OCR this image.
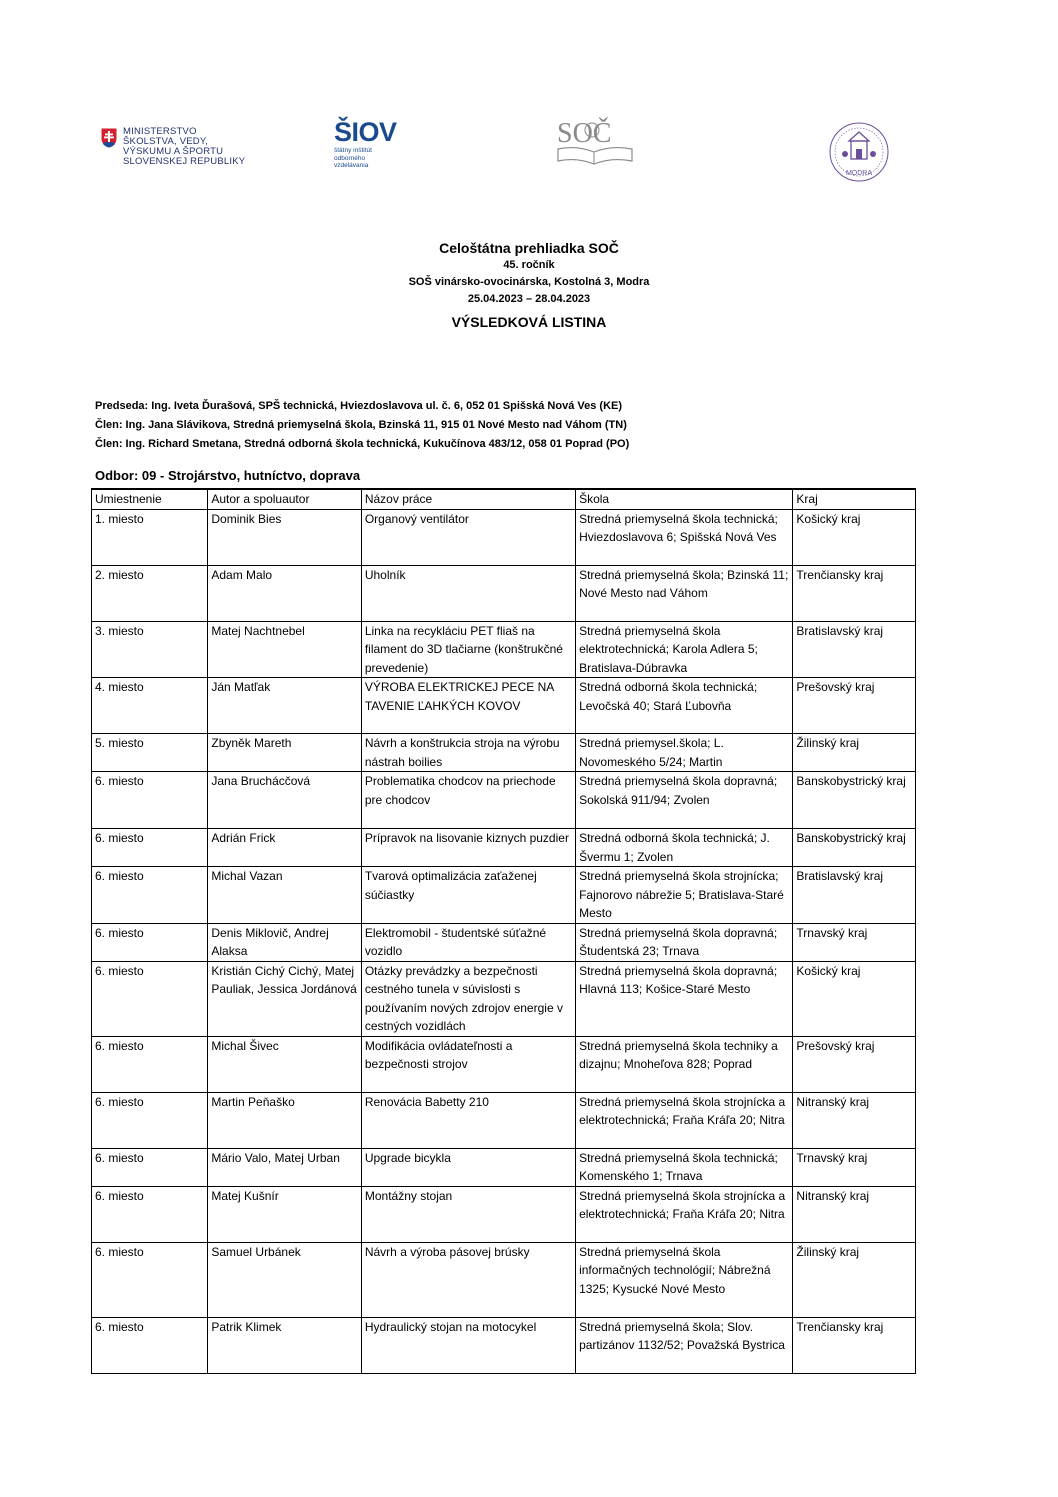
MINISTERSTVO
ŠKOLSTVA, VEDY,
VÝSKUMU A ŠPORTU
SLOVENSKEJ REPUBLIKY
ŠIOV
štátny inštitút
odborného
vzdelávania
SOČ
MODRA
Celoštátna prehliadka SOČ
45. ročník
SOŠ vinársko-ovocinárska, Kostolná 3, Modra
25.04.2023 – 28.04.2023
VÝSLEDKOVÁ LISTINA
Predseda: Ing. Iveta Ďurašová, SPŠ technická, Hviezdoslavova ul. č. 6, 052 01 Spišská Nová Ves (KE)
Člen: Ing. Jana Slávikova, Stredná priemyselná škola, Bzinská 11, 915 01 Nové Mesto nad Váhom (TN)
Člen: Ing. Richard Smetana, Stredná odborná škola technická, Kukučínova 483/12, 058 01 Poprad (PO)
Odbor: 09 - Strojárstvo, hutníctvo, doprava
Umiestnenie	Autor a spoluautor	Názov práce	Škola	Kraj
1. miesto	Dominik Bies	Organový ventilátor	Stredná priemyselná škola technická; Hviezdoslavova 6; Spišská Nová Ves	Košický kraj
2. miesto	Adam Malo	Uholník	Stredná priemyselná škola; Bzinská 11; Nové Mesto nad Váhom	Trenčiansky kraj
3. miesto	Matej Nachtnebel	Linka na recykláciu PET fliaš na filament do 3D tlačiarne (konštrukčné prevedenie)	Stredná priemyselná škola elektrotechnická; Karola Adlera 5; Bratislava-Dúbravka	Bratislavský kraj
4. miesto	Ján Matľak	VÝROBA ELEKTRICKEJ PECE NA TAVENIE ĽAHKÝCH KOVOV	Stredná odborná škola technická; Levočská 40; Stará Ľubovňa	Prešovský kraj
5. miesto	Zbyněk Mareth	Návrh a konštrukcia stroja na výrobu nástrah boilies	Stredná priemysel.škola; L. Novomeského 5/24; Martin	Žilinský kraj
6. miesto	Jana Bruchácčová	Problematika chodcov na priechode pre chodcov	Stredná priemyselná škola dopravná; Sokolská 911/94; Zvolen	Banskobystrický kraj
6. miesto	Adrián Frick	Prípravok na lisovanie kiznych puzdier	Stredná odborná škola technická; J. Švermu 1; Zvolen	Banskobystrický kraj
6. miesto	Michal Vazan	Tvarová optimalizácia zaťaženej súčiastky	Stredná priemyselná škola strojnícka; Fajnorovo nábrežie 5; Bratislava-Staré Mesto	Bratislavský kraj
6. miesto	Denis Miklovič, Andrej Alaksa	Elektromobil - študentské súťažné vozidlo	Stredná priemyselná škola dopravná; Študentská 23; Trnava	Trnavský kraj
6. miesto	Kristián Cichý Cichý, Matej Pauliak, Jessica Jordánová	Otázky prevádzky a bezpečnosti cestného tunela v súvislosti s používaním nových zdrojov energie v cestných vozidlách	Stredná priemyselná škola dopravná; Hlavná 113; Košice-Staré Mesto	Košický kraj
6. miesto	Michal Šivec	Modifikácia ovládateľnosti a bezpečnosti strojov	Stredná priemyselná škola techniky a dizajnu; Mnoheľova 828; Poprad	Prešovský kraj
6. miesto	Martin Peňaško	Renovácia Babetty 210	Stredná priemyselná škola strojnícka a elektrotechnická; Fraňa Kráľa 20; Nitra	Nitranský kraj
6. miesto	Mário Valo, Matej Urban	Upgrade bicykla	Stredná priemyselná škola technická; Komenského 1; Trnava	Trnavský kraj
6. miesto	Matej Kušnír	Montážny stojan	Stredná priemyselná škola strojnícka a elektrotechnická; Fraňa Kráľa 20; Nitra	Nitranský kraj
6. miesto	Samuel Urbánek	Návrh a výroba pásovej brúsky	Stredná priemyselná škola informačných technológií; Nábrežná 1325; Kysucké Nové Mesto	Žilinský kraj
6. miesto	Patrik Klimek	Hydraulický stojan na motocykel	Stredná priemyselná škola; Slov. partizánov 1132/52; Považská Bystrica	Trenčiansky kraj
